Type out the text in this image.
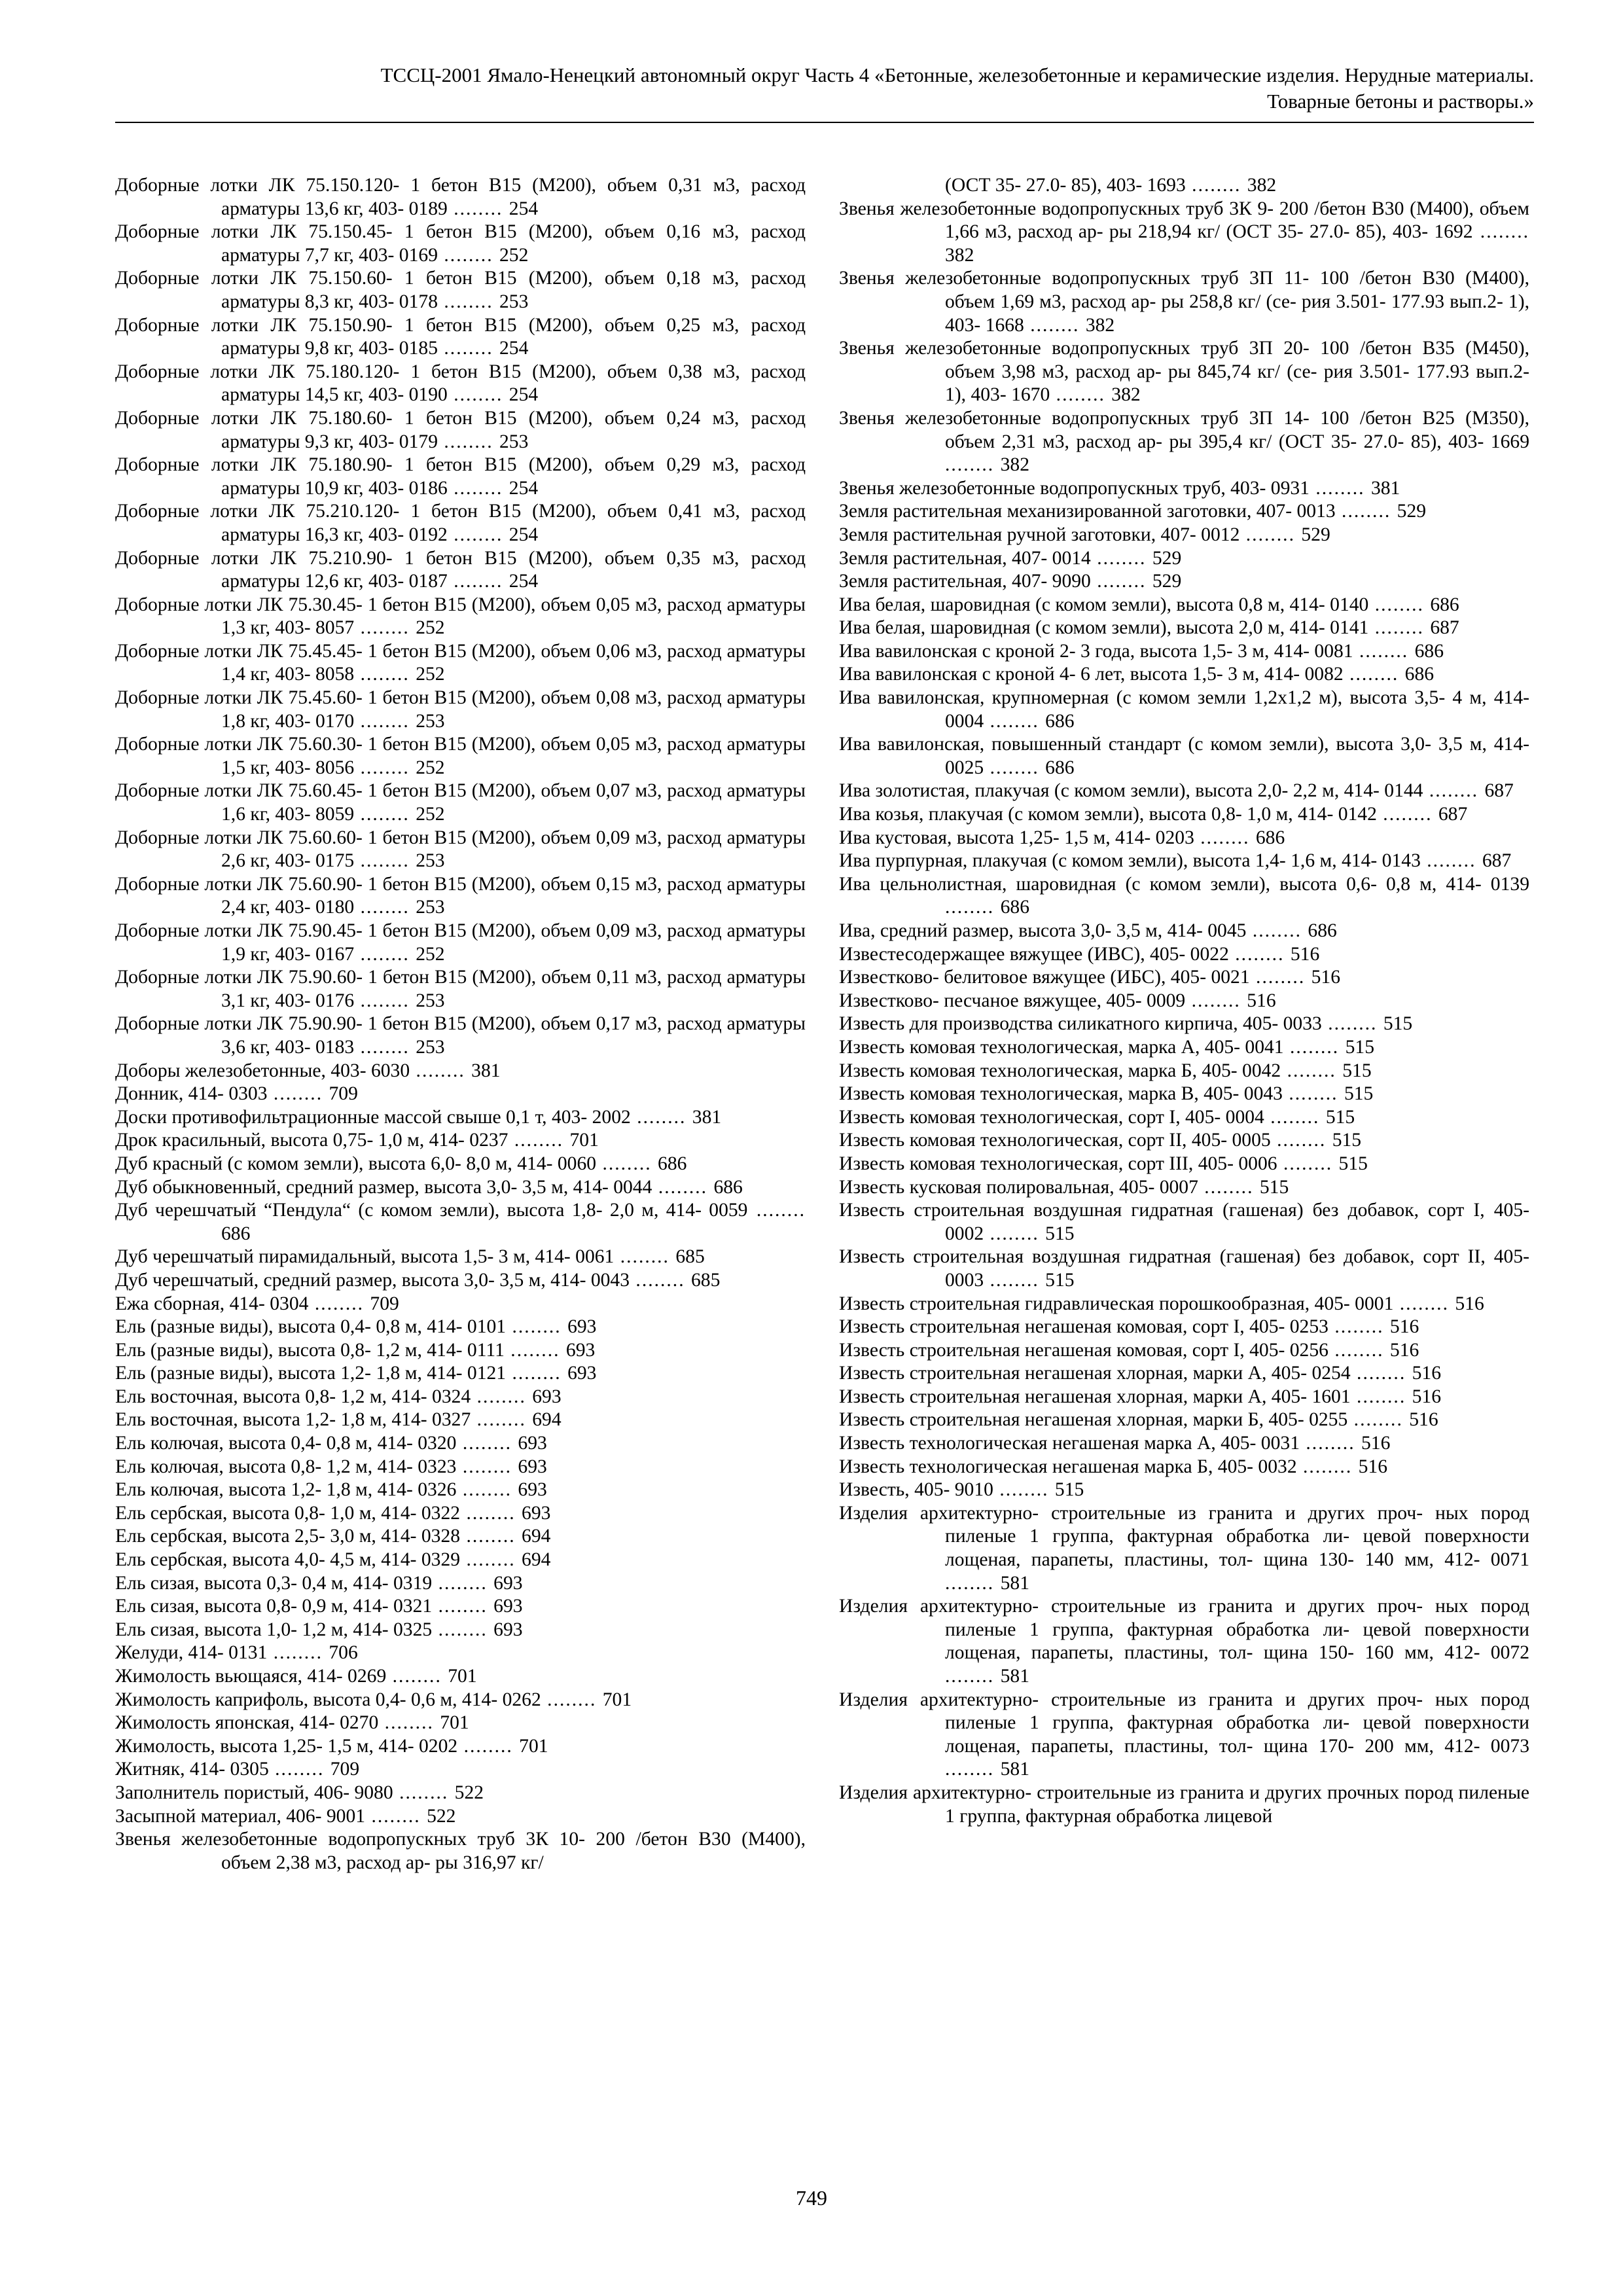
ТССЦ-2001 Ямало-Ненецкий автономный округ Часть 4 «Бетонные, железобетонные и керамические изделия. Нерудные материалы.
Товарные бетоны и растворы.»
Доборные лотки ЛК 75.150.120- 1 бетон В15 (М200), объем 0,31 м3, расход арматуры 13,6 кг, 403- 0189 ........ 254
Доборные лотки ЛК 75.150.45- 1 бетон В15 (М200), объем 0,16 м3, расход арматуры 7,7 кг, 403- 0169 ........ 252
Доборные лотки ЛК 75.150.60- 1 бетон В15 (М200), объем 0,18 м3, расход арматуры 8,3 кг, 403- 0178 ........ 253
Доборные лотки ЛК 75.150.90- 1 бетон В15 (М200), объем 0,25 м3, расход арматуры 9,8 кг, 403- 0185 ........ 254
Доборные лотки ЛК 75.180.120- 1 бетон В15 (М200), объем 0,38 м3, расход арматуры 14,5 кг, 403- 0190 ........ 254
Доборные лотки ЛК 75.180.60- 1 бетон В15 (М200), объем 0,24 м3, расход арматуры 9,3 кг, 403- 0179 ........ 253
Доборные лотки ЛК 75.180.90- 1 бетон В15 (М200), объем 0,29 м3, расход арматуры 10,9 кг, 403- 0186 ........ 254
Доборные лотки ЛК 75.210.120- 1 бетон В15 (М200), объем 0,41 м3, расход арматуры 16,3 кг, 403- 0192 ........ 254
Доборные лотки ЛК 75.210.90- 1 бетон В15 (М200), объем 0,35 м3, расход арматуры 12,6 кг, 403- 0187 ........ 254
Доборные лотки ЛК 75.30.45- 1 бетон В15 (М200), объем 0,05 м3, расход арматуры 1,3 кг, 403- 8057 ........ 252
Доборные лотки ЛК 75.45.45- 1 бетон В15 (М200), объем 0,06 м3, расход арматуры 1,4 кг, 403- 8058 ........ 252
Доборные лотки ЛК 75.45.60- 1 бетон В15 (М200), объем 0,08 м3, расход арматуры 1,8 кг, 403- 0170 ........ 253
Доборные лотки ЛК 75.60.30- 1 бетон В15 (М200), объем 0,05 м3, расход арматуры 1,5 кг, 403- 8056 ........ 252
Доборные лотки ЛК 75.60.45- 1 бетон В15 (М200), объем 0,07 м3, расход арматуры 1,6 кг, 403- 8059 ........ 252
Доборные лотки ЛК 75.60.60- 1 бетон В15 (М200), объем 0,09 м3, расход арматуры 2,6 кг, 403- 0175 ........ 253
Доборные лотки ЛК 75.60.90- 1 бетон В15 (М200), объем 0,15 м3, расход арматуры 2,4 кг, 403- 0180 ........ 253
Доборные лотки ЛК 75.90.45- 1 бетон В15 (М200), объем 0,09 м3, расход арматуры 1,9 кг, 403- 0167 ........ 252
Доборные лотки ЛК 75.90.60- 1 бетон В15 (М200), объем 0,11 м3, расход арматуры 3,1 кг, 403- 0176 ........ 253
Доборные лотки ЛК 75.90.90- 1 бетон В15 (М200), объем 0,17 м3, расход арматуры 3,6 кг, 403- 0183 ........ 253
Доборы железобетонные, 403- 6030 ........ 381
Донник, 414- 0303 ........ 709
Доски противофильтрационные массой свыше 0,1 т, 403- 2002 ........ 381
Дрок красильный, высота 0,75- 1,0 м, 414- 0237 ........ 701
Дуб красный (с комом земли), высота 6,0- 8,0 м, 414- 0060 ........ 686
Дуб обыкновенный, средний размер, высота 3,0- 3,5 м, 414- 0044 ........ 686
Дуб черешчатый “Пендула“ (с комом земли), высота 1,8- 2,0 м, 414- 0059 ........ 686
Дуб черешчатый пирамидальный, высота 1,5- 3 м, 414- 0061 ........ 685
Дуб черешчатый, средний размер, высота 3,0- 3,5 м, 414- 0043 ........ 685
Ежа сборная, 414- 0304 ........ 709
Ель (разные виды), высота 0,4- 0,8 м, 414- 0101 ........ 693
Ель (разные виды), высота 0,8- 1,2 м, 414- 0111 ........ 693
Ель (разные виды), высота 1,2- 1,8 м, 414- 0121 ........ 693
Ель восточная, высота 0,8- 1,2 м, 414- 0324 ........ 693
Ель восточная, высота 1,2- 1,8 м, 414- 0327 ........ 694
Ель колючая, высота 0,4- 0,8 м, 414- 0320 ........ 693
Ель колючая, высота 0,8- 1,2 м, 414- 0323 ........ 693
Ель колючая, высота 1,2- 1,8 м, 414- 0326 ........ 693
Ель сербская, высота 0,8- 1,0 м, 414- 0322 ........ 693
Ель сербская, высота 2,5- 3,0 м, 414- 0328 ........ 694
Ель сербская, высота 4,0- 4,5 м, 414- 0329 ........ 694
Ель сизая, высота 0,3- 0,4 м, 414- 0319 ........ 693
Ель сизая, высота 0,8- 0,9 м, 414- 0321 ........ 693
Ель сизая, высота 1,0- 1,2 м, 414- 0325 ........ 693
Желуди, 414- 0131 ........ 706
Жимолость вьющаяся, 414- 0269 ........ 701
Жимолость каприфоль, высота 0,4- 0,6 м, 414- 0262 ........ 701
Жимолость японская, 414- 0270 ........ 701
Жимолость, высота 1,25- 1,5 м, 414- 0202 ........ 701
Житняк, 414- 0305 ........ 709
Заполнитель пористый, 406- 9080 ........ 522
Засыпной материал, 406- 9001 ........ 522
Звенья железобетонные водопропускных труб 3К 10- 200 /бетон В30 (М400), объем 2,38 м3, расход ар- ры 316,97 кг/
(ОСТ 35- 27.0- 85), 403- 1693 ........ 382
Звенья железобетонные водопропускных труб 3К 9- 200 /бетон В30 (М400), объем 1,66 м3, расход ар- ры 218,94 кг/ (ОСТ 35- 27.0- 85), 403- 1692 ........ 382
Звенья железобетонные водопропускных труб 3П 11- 100 /бетон В30 (М400), объем 1,69 м3, расход ар- ры 258,8 кг/ (се- рия 3.501- 177.93 вып.2- 1), 403- 1668 ........ 382
Звенья железобетонные водопропускных труб 3П 20- 100 /бетон В35 (М450), объем 3,98 м3, расход ар- ры 845,74 кг/ (се- рия 3.501- 177.93 вып.2- 1), 403- 1670 ........ 382
Звенья железобетонные водопропускных труб 3П 14- 100 /бетон В25 (М350), объем 2,31 м3, расход ар- ры 395,4 кг/ (ОСТ 35- 27.0- 85), 403- 1669 ........ 382
Звенья железобетонные водопропускных труб, 403- 0931 ........ 381
Земля растительная механизированной заготовки, 407- 0013 ........ 529
Земля растительная ручной заготовки, 407- 0012 ........ 529
Земля растительная, 407- 0014 ........ 529
Земля растительная, 407- 9090 ........ 529
Ива белая, шаровидная (с комом земли), высота 0,8 м, 414- 0140 ........ 686
Ива белая, шаровидная (с комом земли), высота 2,0 м, 414- 0141 ........ 687
Ива вавилонская с кроной 2- 3 года, высота 1,5- 3 м, 414- 0081 ........ 686
Ива вавилонская с кроной 4- 6 лет, высота 1,5- 3 м, 414- 0082 ........ 686
Ива вавилонская, крупномерная (с комом земли 1,2х1,2 м), высота 3,5- 4 м, 414- 0004 ........ 686
Ива вавилонская, повышенный стандарт (с комом земли), высота 3,0- 3,5 м, 414- 0025 ........ 686
Ива золотистая, плакучая (с комом земли), высота 2,0- 2,2 м, 414- 0144 ........ 687
Ива козья, плакучая (с комом земли), высота 0,8- 1,0 м, 414- 0142 ........ 687
Ива кустовая, высота 1,25- 1,5 м, 414- 0203 ........ 686
Ива пурпурная, плакучая (с комом земли), высота 1,4- 1,6 м, 414- 0143 ........ 687
Ива цельнолистная, шаровидная (с комом земли), высота 0,6- 0,8 м, 414- 0139 ........ 686
Ива, средний размер, высота 3,0- 3,5 м, 414- 0045 ........ 686
Известесодержащее вяжущее (ИВС), 405- 0022 ........ 516
Известково- белитовое вяжущее (ИБС), 405- 0021 ........ 516
Известково- песчаное вяжущее, 405- 0009 ........ 516
Известь для производства силикатного кирпича, 405- 0033 ........ 515
Известь комовая технологическая, марка А, 405- 0041 ........ 515
Известь комовая технологическая, марка Б, 405- 0042 ........ 515
Известь комовая технологическая, марка В, 405- 0043 ........ 515
Известь комовая технологическая, сорт I, 405- 0004 ........ 515
Известь комовая технологическая, сорт II, 405- 0005 ........ 515
Известь комовая технологическая, сорт III, 405- 0006 ........ 515
Известь кусковая полировальная, 405- 0007 ........ 515
Известь строительная воздушная гидратная (гашеная) без добавок, сорт I, 405- 0002 ........ 515
Известь строительная воздушная гидратная (гашеная) без добавок, сорт II, 405- 0003 ........ 515
Известь строительная гидравлическая порошкообразная, 405- 0001 ........ 516
Известь строительная негашеная комовая, сорт I, 405- 0253 ........ 516
Известь строительная негашеная комовая, сорт I, 405- 0256 ........ 516
Известь строительная негашеная хлорная, марки А, 405- 0254 ........ 516
Известь строительная негашеная хлорная, марки А, 405- 1601 ........ 516
Известь строительная негашеная хлорная, марки Б, 405- 0255 ........ 516
Известь технологическая негашеная марка А, 405- 0031 ........ 516
Известь технологическая негашеная марка Б, 405- 0032 ........ 516
Известь, 405- 9010 ........ 515
Изделия архитектурно- строительные из гранита и других проч- ных пород пиленые 1 группа, фактурная обработка ли- цевой поверхности лощеная, парапеты, пластины, тол- щина 130- 140 мм, 412- 0071 ........ 581
Изделия архитектурно- строительные из гранита и других проч- ных пород пиленые 1 группа, фактурная обработка ли- цевой поверхности лощеная, парапеты, пластины, тол- щина 150- 160 мм, 412- 0072 ........ 581
Изделия архитектурно- строительные из гранита и других проч- ных пород пиленые 1 группа, фактурная обработка ли- цевой поверхности лощеная, парапеты, пластины, тол- щина 170- 200 мм, 412- 0073 ........ 581
Изделия архитектурно- строительные из гранита и других прочных пород пиленые 1 группа, фактурная обработка лицевой
749
